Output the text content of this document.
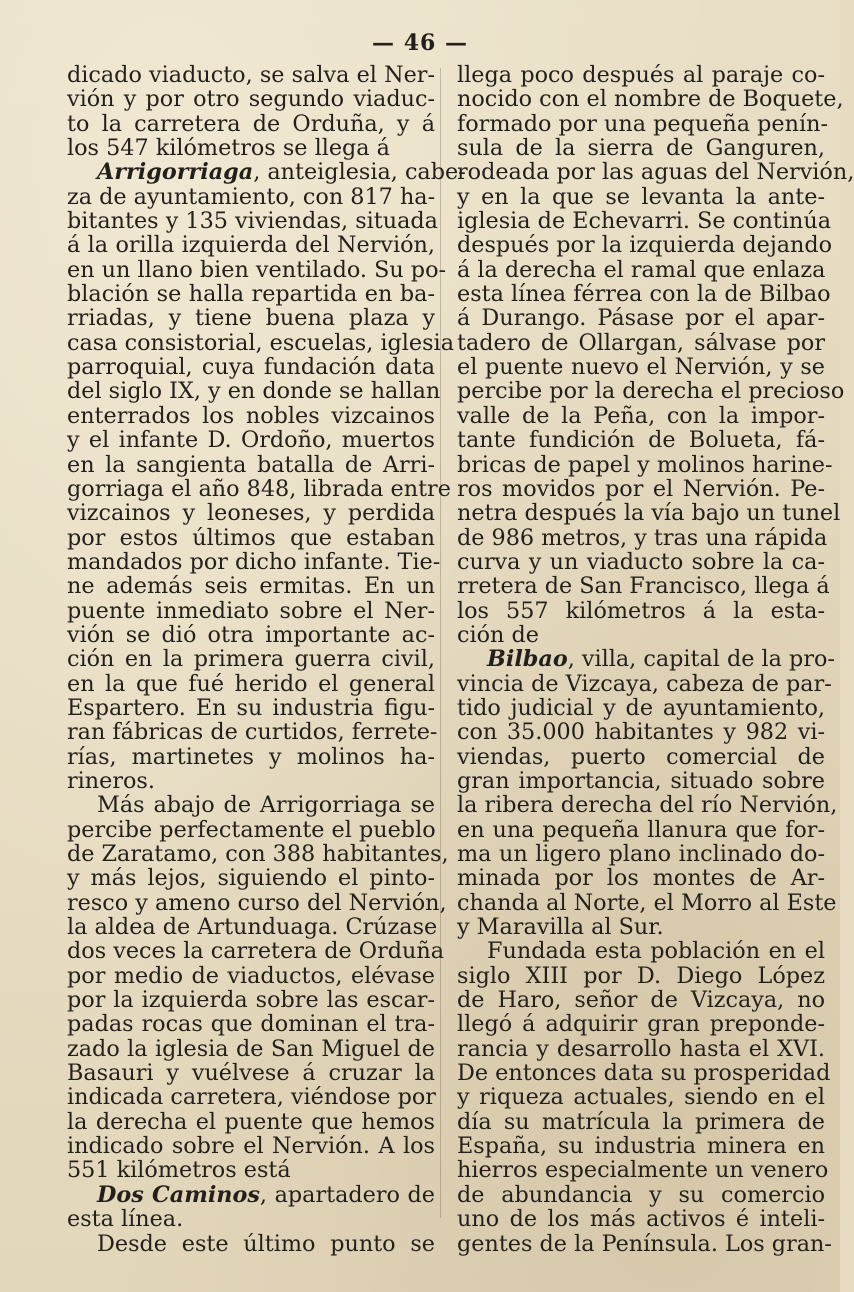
— 46 —
dicado viaducto, se salva el Ner-
vión y por otro segundo viaduc-
to la carretera de Orduña, y á
los 547 kilómetros se llega á
Arrigorriaga, anteiglesia, cabe-
za de ayuntamiento, con 817 ha-
bitantes y 135 viviendas, situada
á la orilla izquierda del Nervión,
en un llano bien ventilado. Su po-
blación se halla repartida en ba-
rriadas, y tiene buena plaza y
casa consistorial, escuelas, iglesia
parroquial, cuya fundación data
del siglo IX, y en donde se hallan
enterrados los nobles vizcainos
y el infante D. Ordoño, muertos
en la sangienta batalla de Arri-
gorriaga el año 848, librada entre
vizcainos y leoneses, y perdida
por estos últimos que estaban
mandados por dicho infante. Tie-
ne además seis ermitas. En un
puente inmediato sobre el Ner-
vión se dió otra importante ac-
ción en la primera guerra civil,
en la que fué herido el general
Espartero. En su industria figu-
ran fábricas de curtidos, ferrete-
rías, martinetes y molinos ha-
rineros.
Más abajo de Arrigorriaga se
percibe perfectamente el pueblo
de Zaratamo, con 388 habitantes,
y más lejos, siguiendo el pinto-
resco y ameno curso del Nervión,
la aldea de Artunduaga. Crúzase
dos veces la carretera de Orduña
por medio de viaductos, elévase
por la izquierda sobre las escar-
padas rocas que dominan el tra-
zado la iglesia de San Miguel de
Basauri y vuélvese á cruzar la
indicada carretera, viéndose por
la derecha el puente que hemos
indicado sobre el Nervión. A los
551 kilómetros está
Dos Caminos, apartadero de
esta línea.
Desde este último punto se
llega poco después al paraje co-
nocido con el nombre de Boquete,
formado por una pequeña penín-
sula de la sierra de Ganguren,
rodeada por las aguas del Nervión,
y en la que se levanta la ante-
iglesia de Echevarri. Se continúa
después por la izquierda dejando
á la derecha el ramal que enlaza
esta línea férrea con la de Bilbao
á Durango. Pásase por el apar-
tadero de Ollargan, sálvase por
el puente nuevo el Nervión, y se
percibe por la derecha el precioso
valle de la Peña, con la impor-
tante fundición de Bolueta, fá-
bricas de papel y molinos harine-
ros movidos por el Nervión. Pe-
netra después la vía bajo un tunel
de 986 metros, y tras una rápida
curva y un viaducto sobre la ca-
rretera de San Francisco, llega á
los 557 kilómetros á la esta-
ción de
Bilbao, villa, capital de la pro-
vincia de Vizcaya, cabeza de par-
tido judicial y de ayuntamiento,
con 35.000 habitantes y 982 vi-
viendas, puerto comercial de
gran importancia, situado sobre
la ribera derecha del río Nervión,
en una pequeña llanura que for-
ma un ligero plano inclinado do-
minada por los montes de Ar-
chanda al Norte, el Morro al Este
y Maravilla al Sur.
Fundada esta población en el
siglo XIII por D. Diego López
de Haro, señor de Vizcaya, no
llegó á adquirir gran preponde-
rancia y desarrollo hasta el XVI.
De entonces data su prosperidad
y riqueza actuales, siendo en el
día su matrícula la primera de
España, su industria minera en
hierros especialmente un venero
de abundancia y su comercio
uno de los más activos é inteli-
gentes de la Península. Los gran-
